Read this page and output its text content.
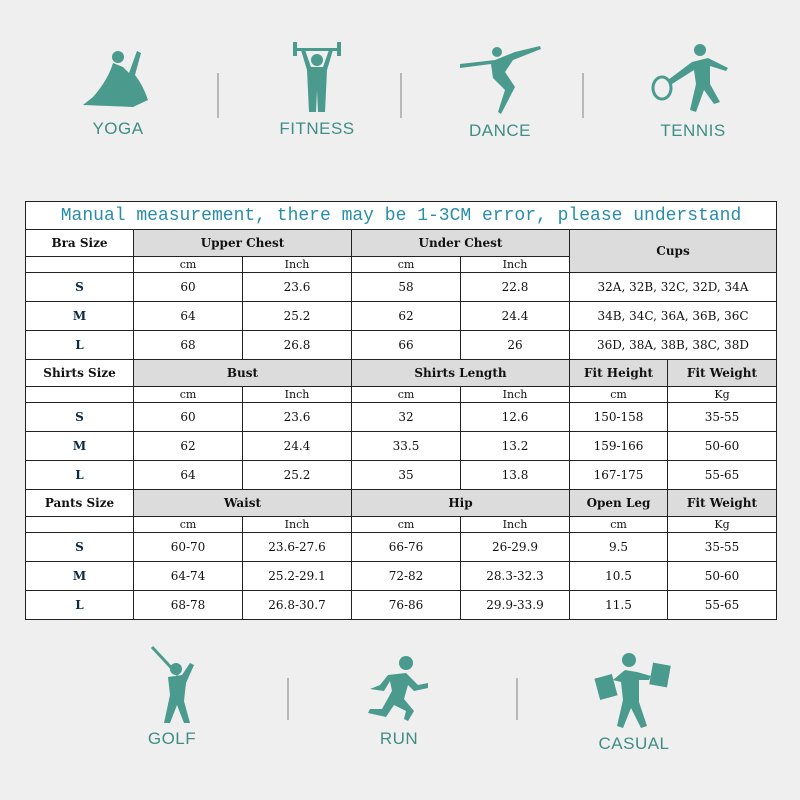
YOGA	FITNESS	DANCE	TENNIS
GOLF	RUN	CASUAL
Manual measurement, there may be 1-3CM error, please understand						
Bra Size	Upper Chest		Under Chest		Cups	
	cm	Inch	cm	Inch		
S	60	23.6	58	22.8	32A, 32B, 32C, 32D, 34A	
M	64	25.2	62	24.4	34B, 34C, 36A, 36B, 36C	
L	68	26.8	66	26	36D, 38A, 38B, 38C, 38D	
Shirts Size	Bust		Shirts Length		Fit Height	Fit Weight
	cm	Inch	cm	Inch	cm	Kg
S	60	23.6	32	12.6	150-158	35-55
M	62	24.4	33.5	13.2	159-166	50-60
L	64	25.2	35	13.8	167-175	55-65
Pants Size	Waist		Hip		Open Leg	Fit Weight
	cm	Inch	cm	Inch	cm	Kg
S	60-70	23.6-27.6	66-76	26-29.9	9.5	35-55
M	64-74	25.2-29.1	72-82	28.3-32.3	10.5	50-60
L	68-78	26.8-30.7	76-86	29.9-33.9	11.5	55-65
